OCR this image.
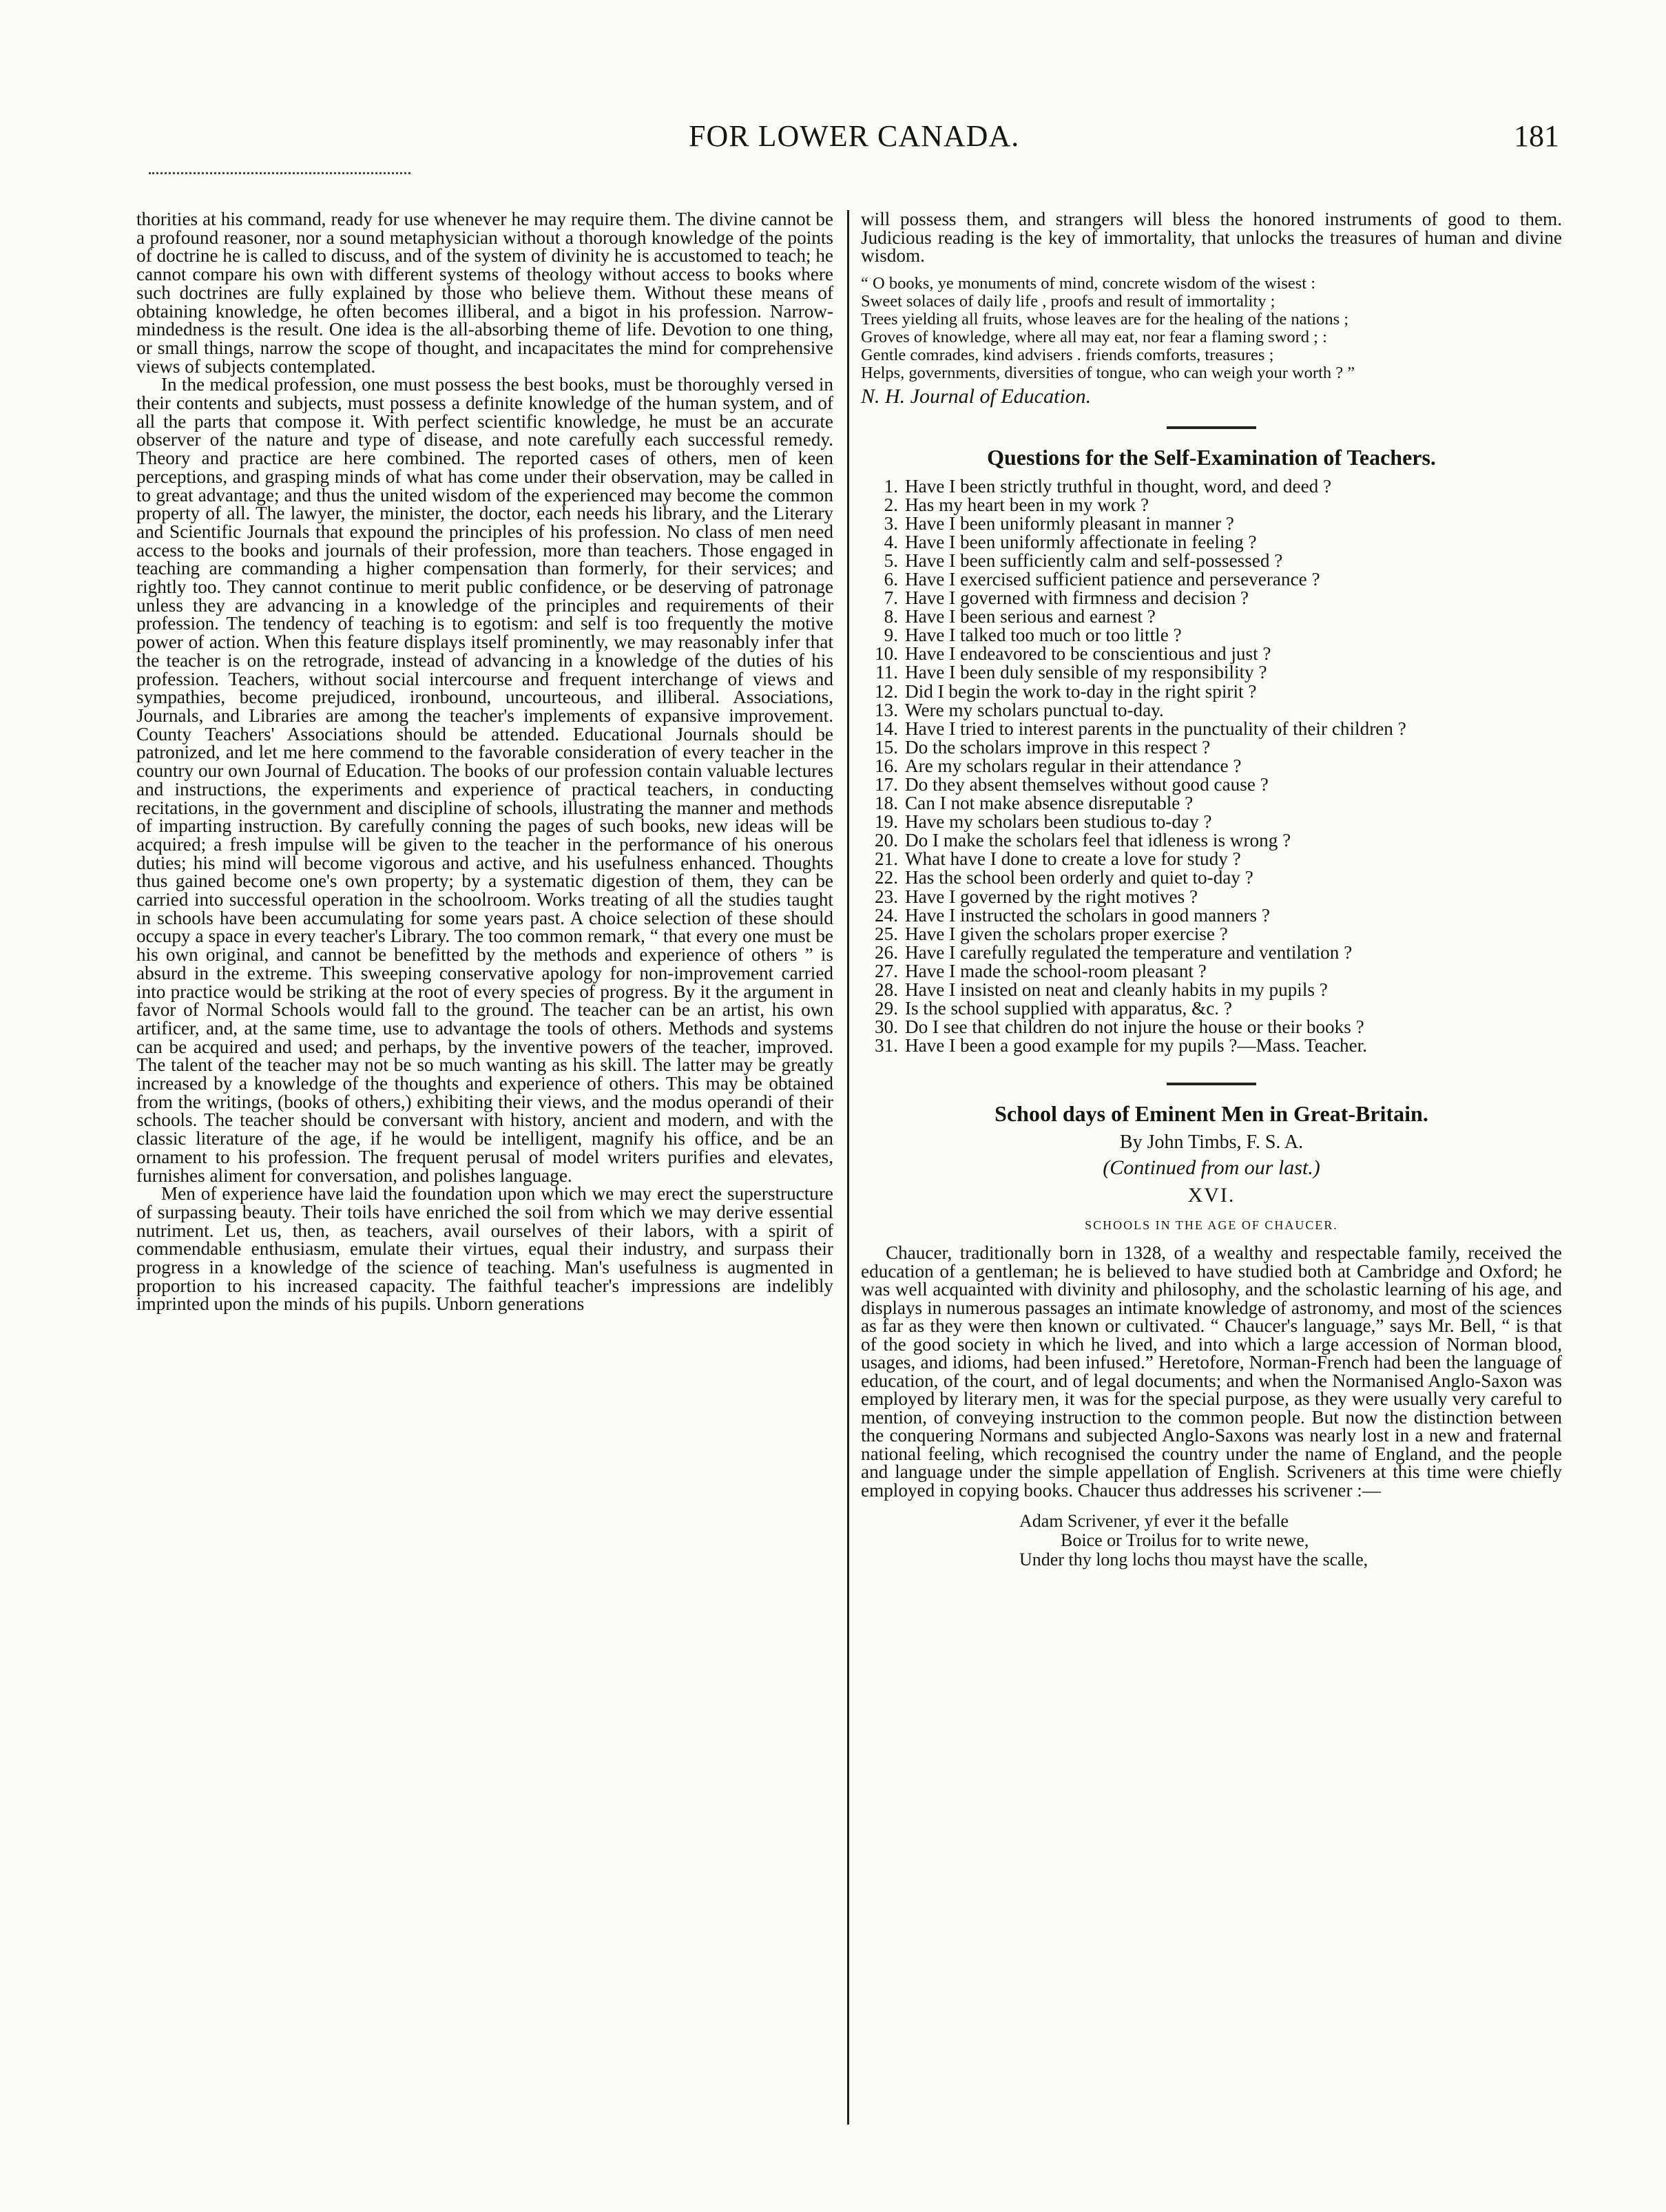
FOR LOWER CANADA.	181

thorities at his command, ready for use whenever he may require them. The divine cannot be a profound reasoner, nor a sound metaphysician without a thorough knowledge of the points of doctrine he is called to discuss, and of the system of divinity he is accustomed to teach; he cannot compare his own with different systems of theology without access to books where such doctrines are fully explained by those who believe them. Without these means of obtaining knowledge, he often becomes illiberal, and a bigot in his profession. Narrow-mindedness is the result. One idea is the all-absorbing theme of life. Devotion to one thing, or small things, narrow the scope of thought, and incapacitates the mind for comprehensive views of subjects contemplated.

In the medical profession, one must possess the best books, must be thoroughly versed in their contents and subjects, must possess a definite knowledge of the human system, and of all the parts that compose it. With perfect scientific knowledge, he must be an accurate observer of the nature and type of disease, and note carefully each successful remedy. Theory and practice are here combined. The reported cases of others, men of keen perceptions, and grasping minds of what has come under their observation, may be called in to great advantage; and thus the united wisdom of the experienced may become the common property of all. The lawyer, the minister, the doctor, each needs his library, and the Literary and Scientific Journals that expound the principles of his profession. No class of men need access to the books and journals of their profession, more than teachers. Those engaged in teaching are commanding a higher compensation than formerly, for their services; and rightly too. They cannot continue to merit public confidence, or be deserving of patronage unless they are advancing in a knowledge of the principles and requirements of their profession. The tendency of teaching is to egotism: and self is too frequently the motive power of action. When this feature displays itself prominently, we may reasonably infer that the teacher is on the retrograde, instead of advancing in a knowledge of the duties of his profession. Teachers, without social intercourse and frequent interchange of views and sympathies, become prejudiced, ironbound, uncourteous, and illiberal. Associations, Journals, and Libraries are among the teacher's implements of expansive improvement. County Teachers' Associations should be attended. Educational Journals should be patronized, and let me here commend to the favorable consideration of every teacher in the country our own Journal of Education. The books of our profession contain valuable lectures and instructions, the experiments and experience of practical teachers, in conducting recitations, in the government and discipline of schools, illustrating the manner and methods of imparting instruction. By carefully conning the pages of such books, new ideas will be acquired; a fresh impulse will be given to the teacher in the performance of his onerous duties; his mind will become vigorous and active, and his usefulness enhanced. Thoughts thus gained become one's own property; by a systematic digestion of them, they can be carried into successful operation in the schoolroom. Works treating of all the studies taught in schools have been accumulating for some years past. A choice selection of these should occupy a space in every teacher's Library. The too common remark, “ that every one must be his own original, and cannot be benefitted by the methods and experience of others ” is absurd in the extreme. This sweeping conservative apology for non-improvement carried into practice would be striking at the root of every species of progress. By it the argument in favor of Normal Schools would fall to the ground. The teacher can be an artist, his own artificer, and, at the same time, use to advantage the tools of others. Methods and systems can be acquired and used; and perhaps, by the inventive powers of the teacher, improved. The talent of the teacher may not be so much wanting as his skill. The latter may be greatly increased by a knowledge of the thoughts and experience of others. This may be obtained from the writings, (books of others,) exhibiting their views, and the modus operandi of their schools. The teacher should be conversant with history, ancient and modern, and with the classic literature of the age, if he would be intelligent, magnify his office, and be an ornament to his profession. The frequent perusal of model writers purifies and elevates, furnishes aliment for conversation, and polishes language.

Men of experience have laid the foundation upon which we may erect the superstructure of surpassing beauty. Their toils have enriched the soil from which we may derive essential nutriment. Let us, then, as teachers, avail ourselves of their labors, with a spirit of commendable enthusiasm, emulate their virtues, equal their industry, and surpass their progress in a knowledge of the science of teaching. Man's usefulness is augmented in proportion to his increased capacity. The faithful teacher's impressions are indelibly imprinted upon the minds of his pupils. Unborn generations

will possess them, and strangers will bless the honored instruments of good to them. Judicious reading is the key of immortality, that unlocks the treasures of human and divine wisdom.

“ O books, ye monuments of mind, concrete wisdom of the wisest :
Sweet solaces of daily life , proofs and result of immortality ;
Trees yielding all fruits, whose leaves are for the healing of the nations ;
Groves of knowledge, where all may eat, nor fear a flaming sword ; :
Gentle comrades, kind advisers . friends comforts, treasures ;
Helps, governments, diversities of tongue, who can weigh your worth ? ”
N. H. Journal of Education.
Questions for the Self-Examination of Teachers.
1. Have I been strictly truthful in thought, word, and deed ?
2. Has my heart been in my work ?
3. Have I been uniformly pleasant in manner ?
4. Have I been uniformly affectionate in feeling ?
5. Have I been sufficiently calm and self-possessed ?
6. Have I exercised sufficient patience and perseverance ?
7. Have I governed with firmness and decision ?
8. Have I been serious and earnest ?
9. Have I talked too much or too little ?
10. Have I endeavored to be conscientious and just ?
11. Have I been duly sensible of my responsibility ?
12. Did I begin the work to-day in the right spirit ?
13. Were my scholars punctual to-day.
14. Have I tried to interest parents in the punctuality of their children ?
15. Do the scholars improve in this respect ?
16. Are my scholars regular in their attendance ?
17. Do they absent themselves without good cause ?
18. Can I not make absence disreputable ?
19. Have my scholars been studious to-day ?
20. Do I make the scholars feel that idleness is wrong ?
21. What have I done to create a love for study ?
22. Has the school been orderly and quiet to-day ?
23. Have I governed by the right motives ?
24. Have I instructed the scholars in good manners ?
25. Have I given the scholars proper exercise ?
26. Have I carefully regulated the temperature and ventilation ?
27. Have I made the school-room pleasant ?
28. Have I insisted on neat and cleanly habits in my pupils ?
29. Is the school supplied with apparatus, &c. ?
30. Do I see that children do not injure the house or their books ?
31. Have I been a good example for my pupils ?—Mass. Teacher.
School days of Eminent Men in Great-Britain.
By John Timbs, F. S. A.
(Continued from our last.)
XVI.
SCHOOLS IN THE AGE OF CHAUCER.

Chaucer, traditionally born in 1328, of a wealthy and respectable family, received the education of a gentleman; he is believed to have studied both at Cambridge and Oxford; he was well acquainted with divinity and philosophy, and the scholastic learning of his age, and displays in numerous passages an intimate knowledge of astronomy, and most of the sciences as far as they were then known or cultivated. “ Chaucer's language,” says Mr. Bell, “ is that of the good society in which he lived, and into which a large accession of Norman blood, usages, and idioms, had been infused.” Heretofore, Norman-French had been the language of education, of the court, and of legal documents; and when the Normanised Anglo-Saxon was employed by literary men, it was for the special purpose, as they were usually very careful to mention, of conveying instruction to the common people. But now the distinction between the conquering Normans and subjected Anglo-Saxons was nearly lost in a new and fraternal national feeling, which recognised the country under the name of England, and the people and language under the simple appellation of English. Scriveners at this time were chiefly employed in copying books. Chaucer thus addresses his scrivener :—

Adam Scrivener, yf ever it the befalle
Boice or Troilus for to write newe,
Under thy long lochs thou mayst have the scalle,
